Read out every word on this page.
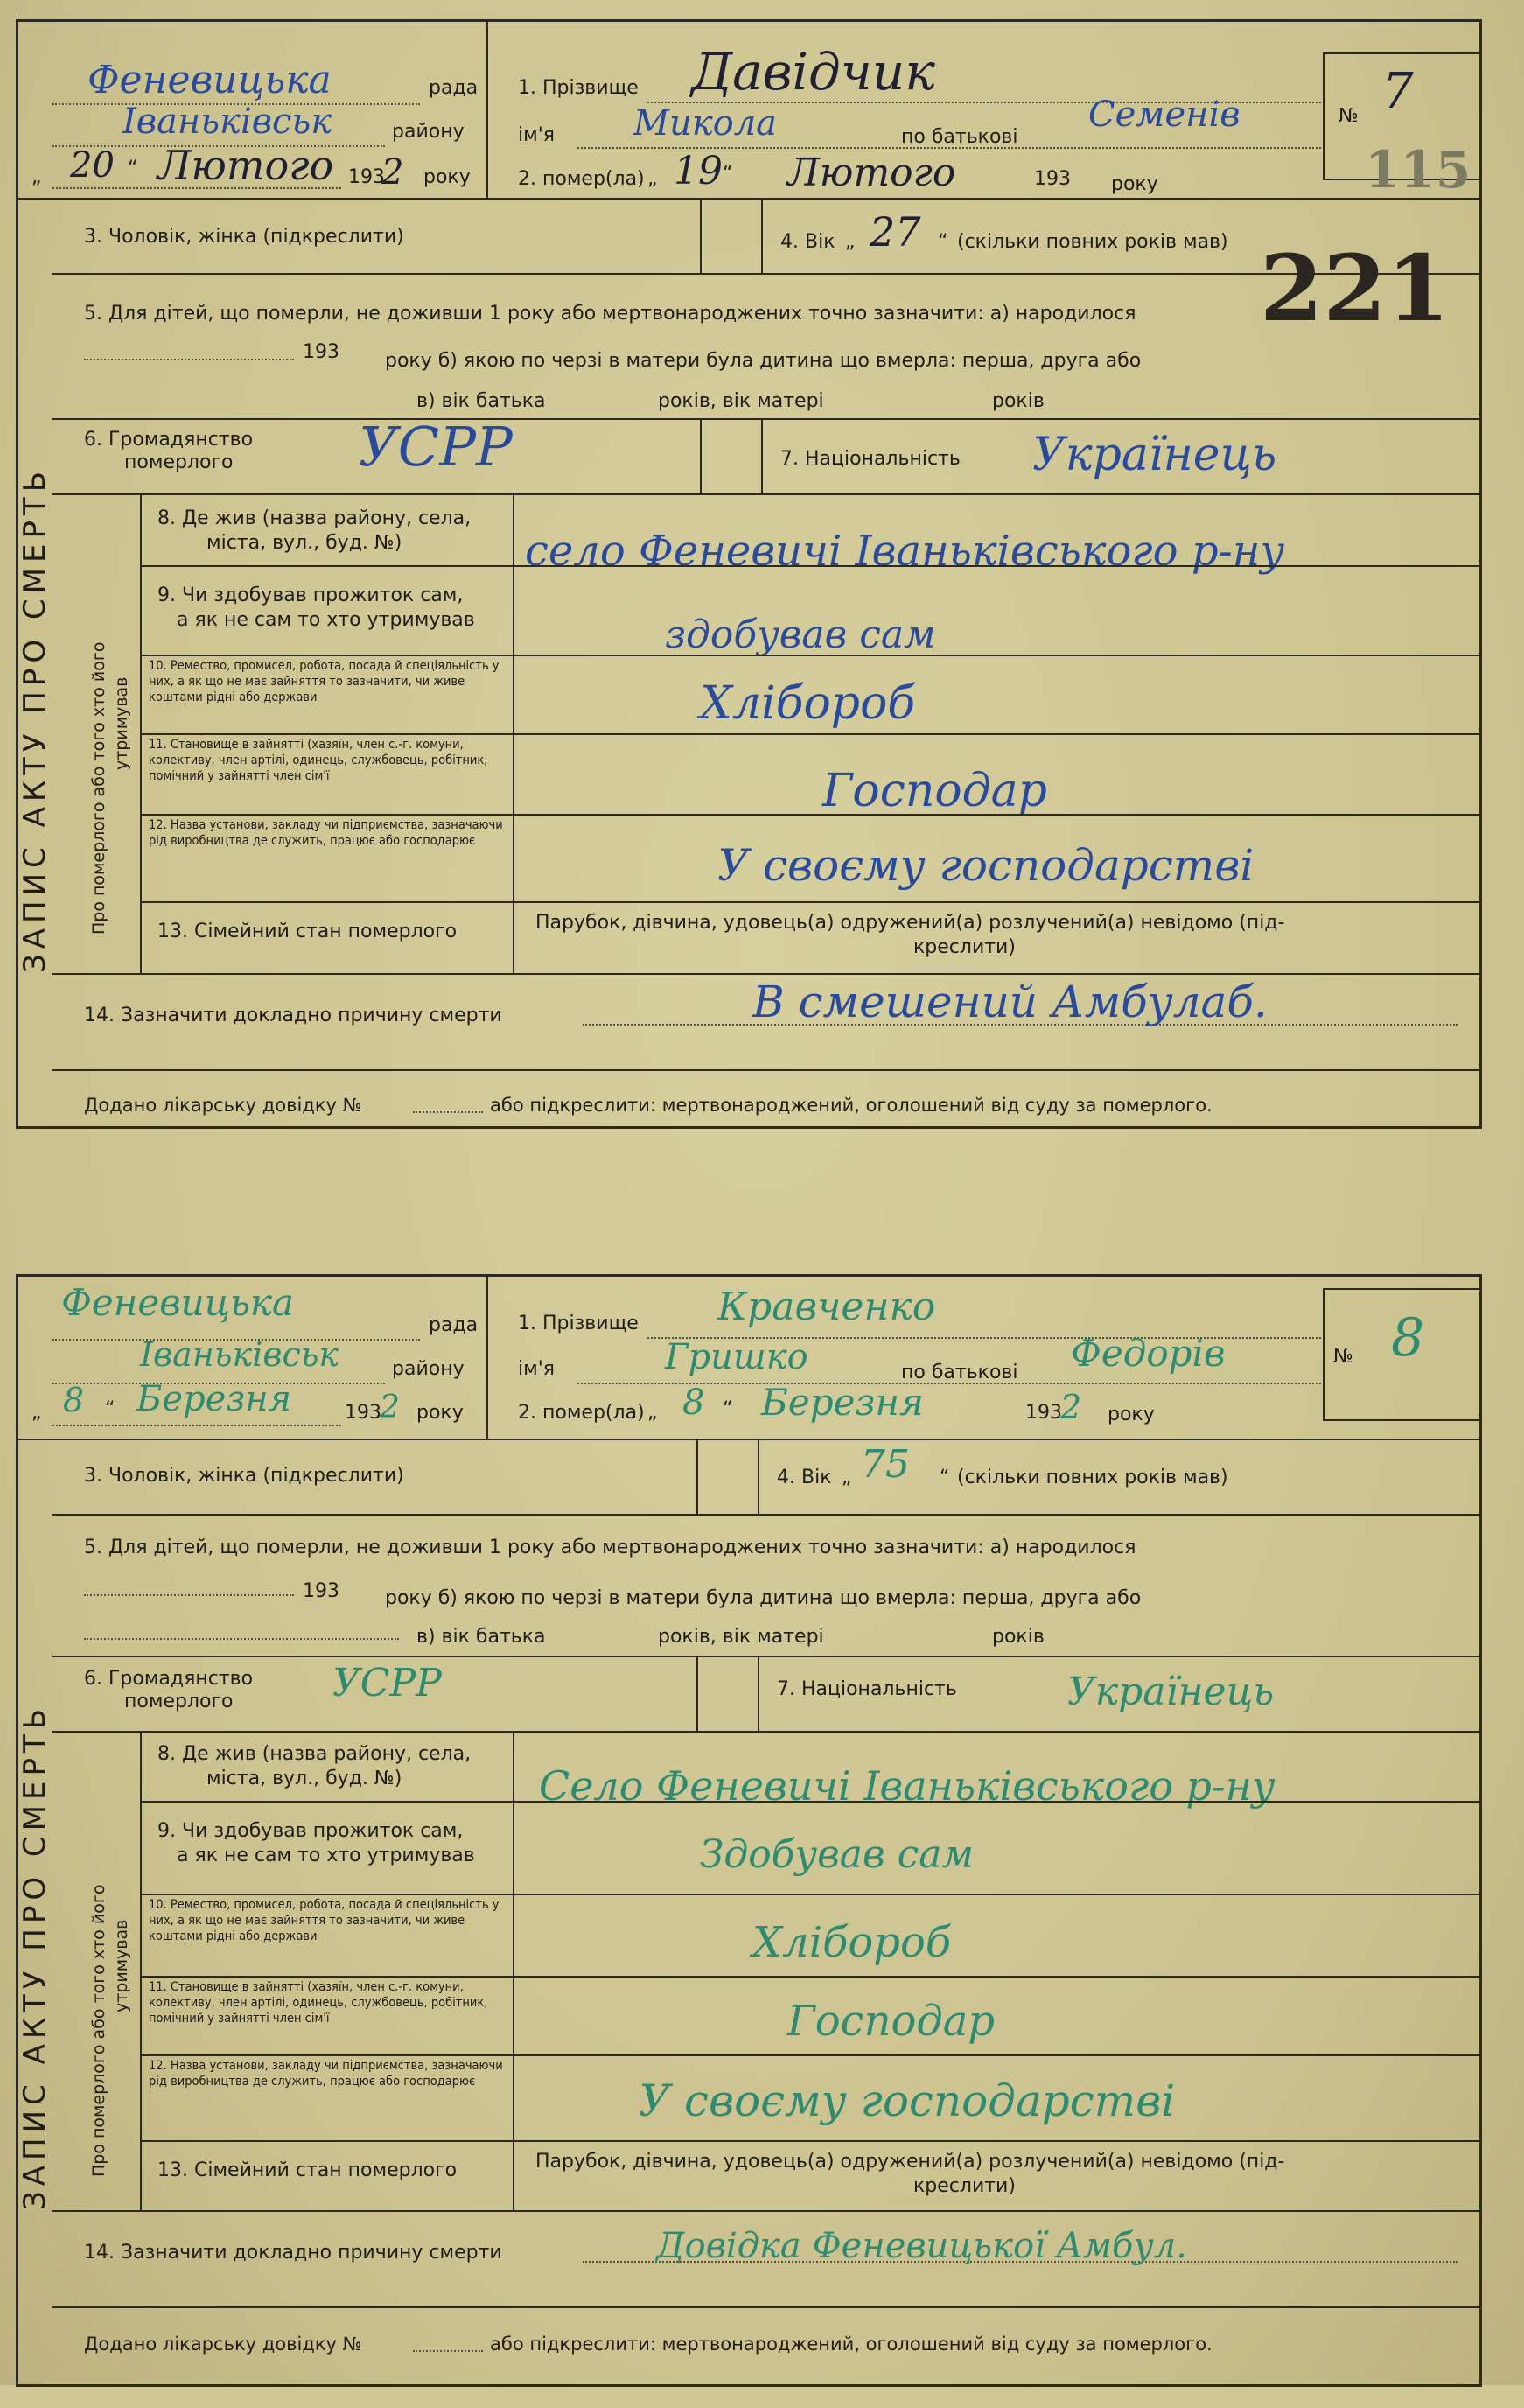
Феневицька	рада
Іваньківськ	району
„ 20 “ Лютого 193
2 року
1. Прізвище Давідчик
ім'я Микола	по батькові
Семенів
2. помер(ла) „ 19 “ Лютого	193 року
№ 7
115
3. Чоловік, жінка (підкреслити)	4. Вік „ 27 “ (скільки повних років мав)
5. Для дітей, що померли, не доживши 1 року або мертвонароджених точно зазначити: а) народилося 221
193 року б) якою по черзі в матери була дитина що вмерла: перша, друга або
в) вік батька	років, вік матері	років
6. Громадянство
померлого УСРР	7. Національність Українець
8. Де жив (назва району, села,
міста, вул., буд. №)	село Феневичі Іваньківського р-ну
9. Чи здобував прожиток сам,
а як не сам то хто утримував	здобував сам
10. Ремество, промисел, робота, посада й спеціяльність у них, а як що не має зайняття то зазначити, чи живе коштами рідні або держави	Хлібороб
11. Становище в зайнятті (хазяїн, член с.-г. комуни, колективу, член артілі, одинець, службовець, робітник, помічний у зайнятті член сім'ї	Господар
12. Назва установи, закладу чи підприємства, зазначаючи рід виробництва де служить, працює або господарює	У своєму господарстві
13. Сімейний стан померлого	Парубок, дівчина, удовець(а) одружений(а) розлучений(а) невідомо (під-
креслити)
14. Зазначити докладно причину смерти	В смешений Амбулаб.
Додано лікарську довідку №	або підкреслити: мертвонароджений, оголошений від суду за померлого.
ЗАПИС АКТУ ПРО СМЕРТЬ Про померлого або того хто його утримував
Феневицька
рада
Іваньківськ	району
„ 8 “ Березня	193
2 року
1. Прізвище Кравченко
ім'я	Гришко	по батькові Федорів
2. помер(ла) „ 8 “ Березня	193
2 року
№ 8
3. Чоловік, жінка (підкреслити)	4. Вік „ 75 “ (скільки повних років мав)
5. Для дітей, що померли, не доживши 1 року або мертвонароджених точно зазначити: а) народилося
193 року б) якою по черзі в матери була дитина що вмерла: перша, друга або
в) вік батька	років, вік матері	років
6. Громадянство
померлого	УСРР	7. Національність	Українець
8. Де жив (назва району, села,
міста, вул., буд. №)	Село Феневичі Іваньківського р-ну
9. Чи здобував прожиток сам,
а як не сам то хто утримував	Здобував сам
10. Ремество, промисел, робота, посада й спеціяльність у них, а як що не має зайняття то зазначити, чи живе коштами рідні або держави	Хлібороб
11. Становище в зайнятті (хазяїн, член с.-г. комуни, колективу, член артілі, одинець, службовець, робітник, помічний у зайнятті член сім'ї	Господар
12. Назва установи, закладу чи підприємства, зазначаючи рід виробництва де служить, працює або господарює	У своєму господарстві
13. Сімейний стан померлого	Парубок, дівчина, удовець(а) одружений(а) розлучений(а) невідомо (під-
креслити)
14. Зазначити докладно причину смерти	Довідка Феневицької Амбул.
Додано лікарську довідку №	або підкреслити: мертвонароджений, оголошений від суду за померлого.
ЗАПИС АКТУ ПРО СМЕРТЬ Про померлого або того хто його утримував
